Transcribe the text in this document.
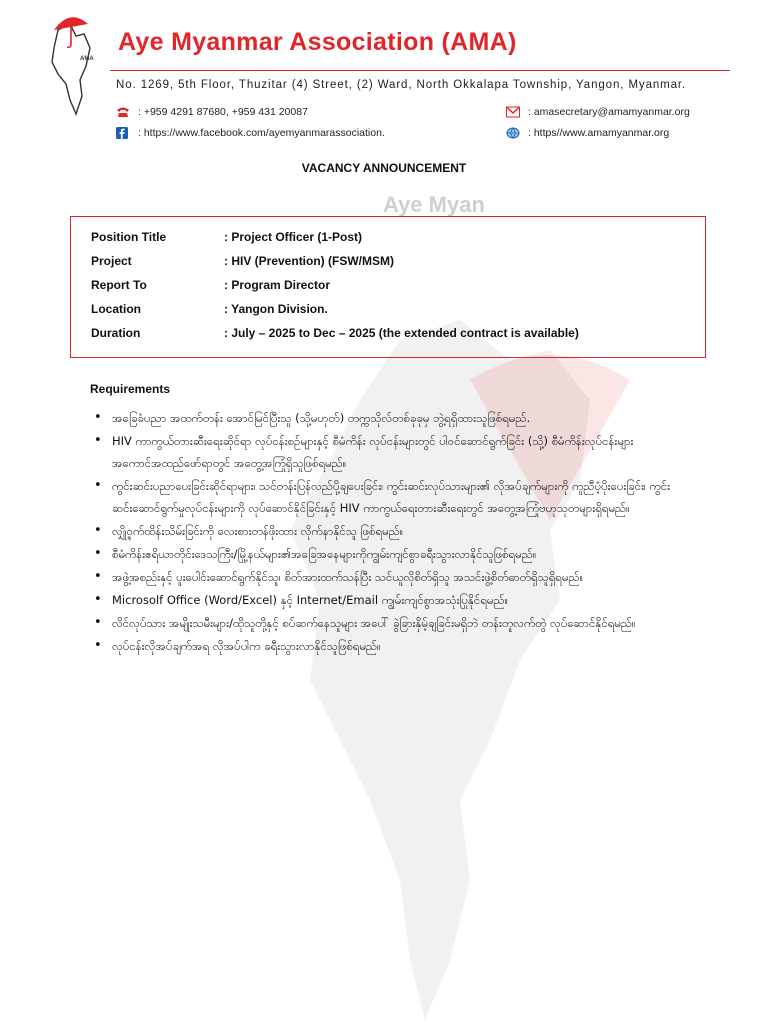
Aye Myan
AMA
Aye Myanmar Association (AMA)
No. 1269, 5th Floor, Thuzitar (4) Street, (2) Ward, North Okkalapa Township, Yangon, Myanmar.
: +959 4291 87680, +959 431 20087	: amasecretary@amamyanmar.org
: https://www.facebook.com/ayemyanmarassociation.	: https//www.amamyanmar.org
VACANCY ANNOUNCEMENT
Position Title	: Project Officer (1-Post)
Project	: HIV (Prevention) (FSW/MSM)
Report To	: Program Director
Location	: Yangon Division.
Duration	: July – 2025 to Dec – 2025 (the extended contract is available)
Requirements
• အခြေခံပညာ အထက်တန်း အောင်မြင်ပြီးသူ (သို့မဟုတ်) တက္ကသိုလ်တစ်ခုခုမှ ဘွဲ့ရရှိထားသူဖြစ်ရမည်.
• HIV ကာကွယ်တားဆီးရေးဆိုင်ရာ လုပ်ငန်းစဉ်များနှင့် စီမံကိန်း လုပ်ငန်းများတွင် ပါဝင်ဆောင်ရွက်ခြင်း (သို့) စီမံကိန်းလုပ်ငန်းများ အကောင်အထည်ဖော်ရာတွင် အတွေ့အကြုံရှိသူဖြစ်ရမည်။
• ကွင်းဆင်းပညာပေးခြင်းဆိုင်ရာများ၊ သင်တန်းပြန်လည်ပို့ချပေးခြင်း၊ ကွင်းဆင်းလုပ်သားများ၏ လိုအပ်ချက်များကို ကူညီပံ့ပိုးပေးခြင်း၊ ကွင်းဆင်းဆောင်ရွက်မှုလုပ်ငန်းများကို လုပ်ဆောင်နိုင်ခြင်းနှင့် HIV ကာကွယ်ရေးတားဆီးရေးတွင် အတွေ့အကြုံဗဟုသုတများရှိရမည်။
• လျှို့ဝှက်ထိန်းသိမ်းခြင်းကို လေးစားတန်ဖိုးထား လိုက်နာနိုင်သူ ဖြစ်ရမည်။
• စီမံကိန်းဧရိယာတိုင်းဒေသကြီး/မြို့နယ်များ၏အခြေအနေများကိုကျွမ်းကျင်စွာခရီးသွားလာနိုင်သူဖြစ်ရမည်။
• အဖွဲ့အစည်းနှင့် ပူးပေါင်းဆောင်ရွက်နိုင်သူ၊ စိတ်အားထက်သန်ပြီး သင်ယူလိုစိတ်ရှိသူ အသင်းဖွဲ့စိတ်ဓာတ်ရှိသူရှိရမည်။
• Microsolf Office (Word/Excel) နှင့် Internet/Email ကျွမ်းကျင်စွာအသုံးပြုနိုင်ရမည်။
• လိင်လုပ်သား အမျိုးသမီးများ/ထိုသူတို့နှင့် စပ်ဆက်နေသူများ အပေါ် ခွဲခြားနှိမ့်ချခြင်းမရှိဘဲ တန်းတူလက်တွဲ လုပ်ဆောင်နိုင်ရမည်။
• လုပ်ငန်းလိုအပ်ချက်အရ လိုအပ်ပါက ခရီးသွားလာနိုင်သူဖြစ်ရမည်။
